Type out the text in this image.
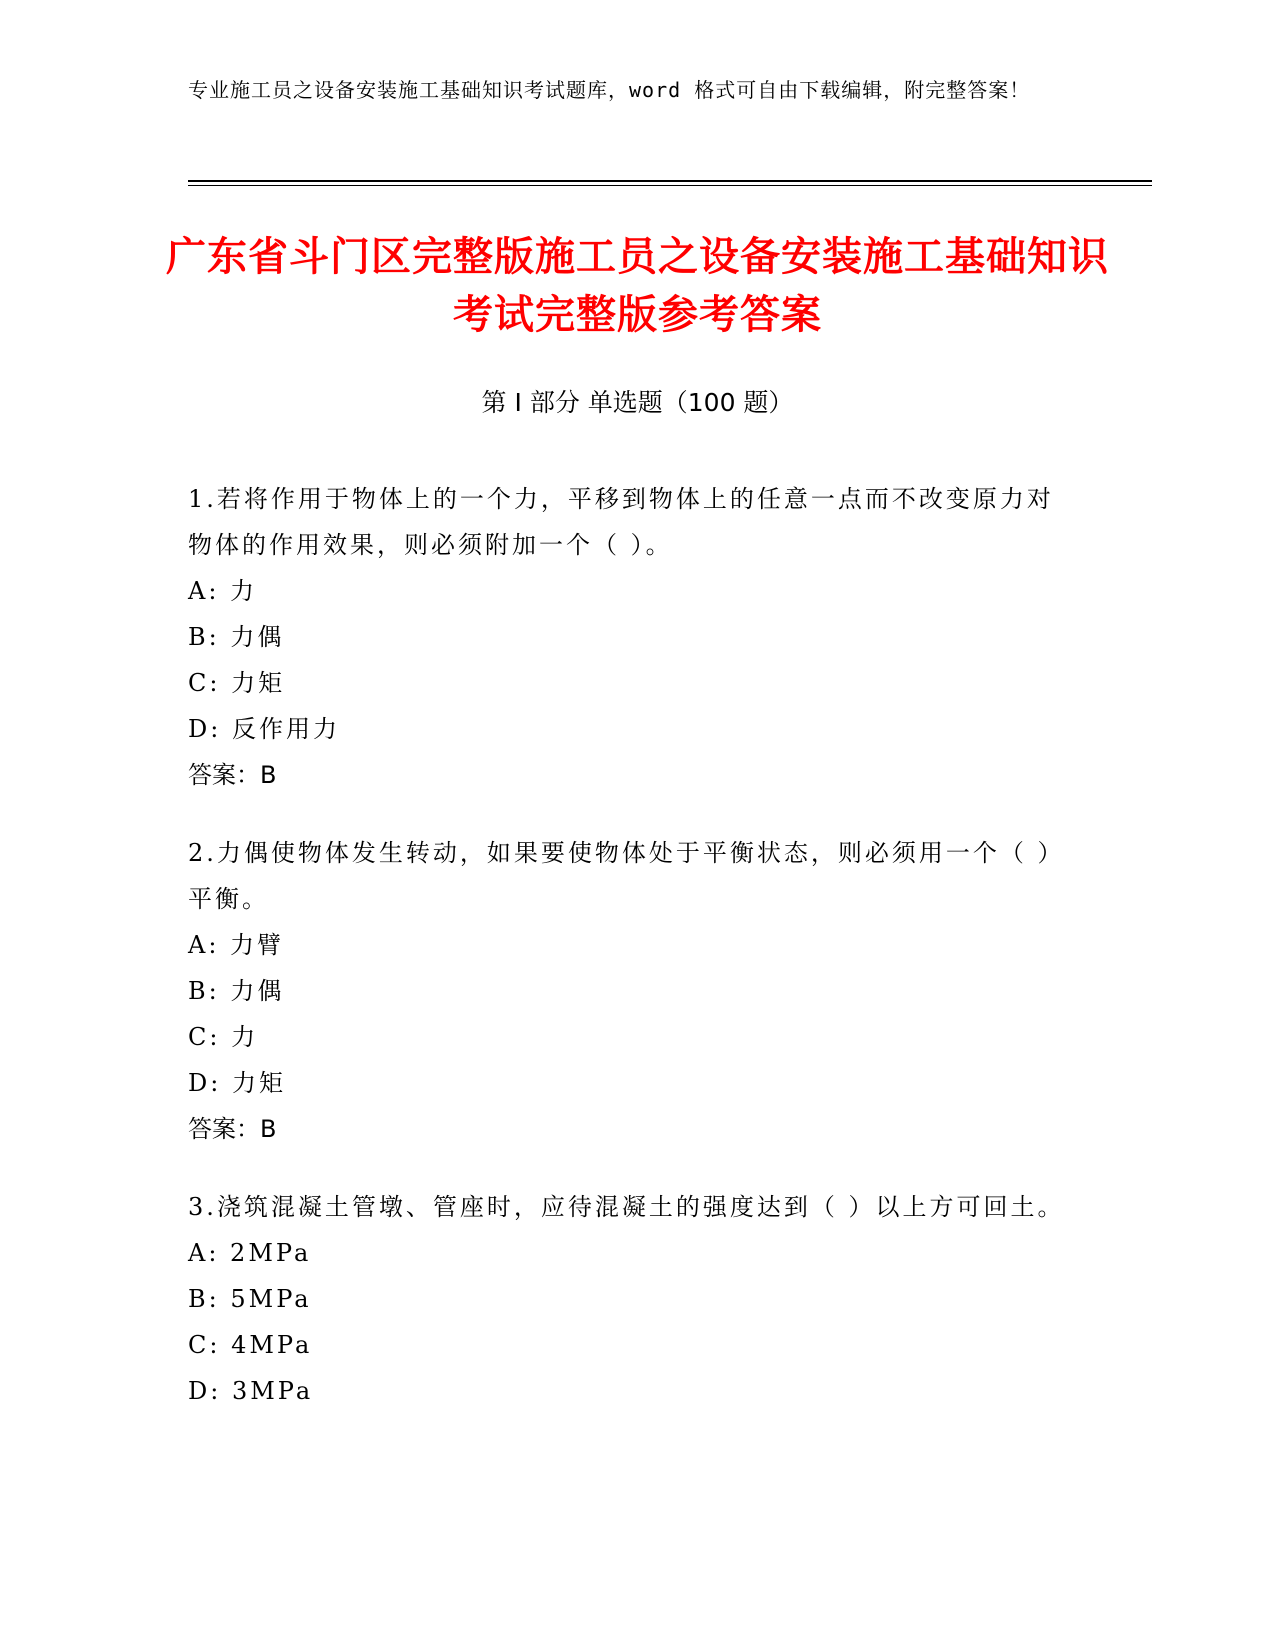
专业施工员之设备安装施工基础知识考试题库，word 格式可自由下载编辑，附完整答案！
广东省斗门区完整版施工员之设备安装施工基础知识考试完整版参考答案
第 I 部分 单选题（100 题）

1.若将作用于物体上的一个力，平移到物体上的任意一点而不改变原力对物体的作用效果，则必须附加一个（ ）。

A: 力

B: 力偶

C: 力矩

D: 反作用力

答案：B

2.力偶使物体发生转动，如果要使物体处于平衡状态，则必须用一个（ ）平衡。

A: 力臂

B: 力偶

C: 力

D: 力矩

答案：B

3.浇筑混凝土管墩、管座时，应待混凝土的强度达到（ ）以上方可回土。

A: 2MPa

B: 5MPa

C: 4MPa

D: 3MPa
